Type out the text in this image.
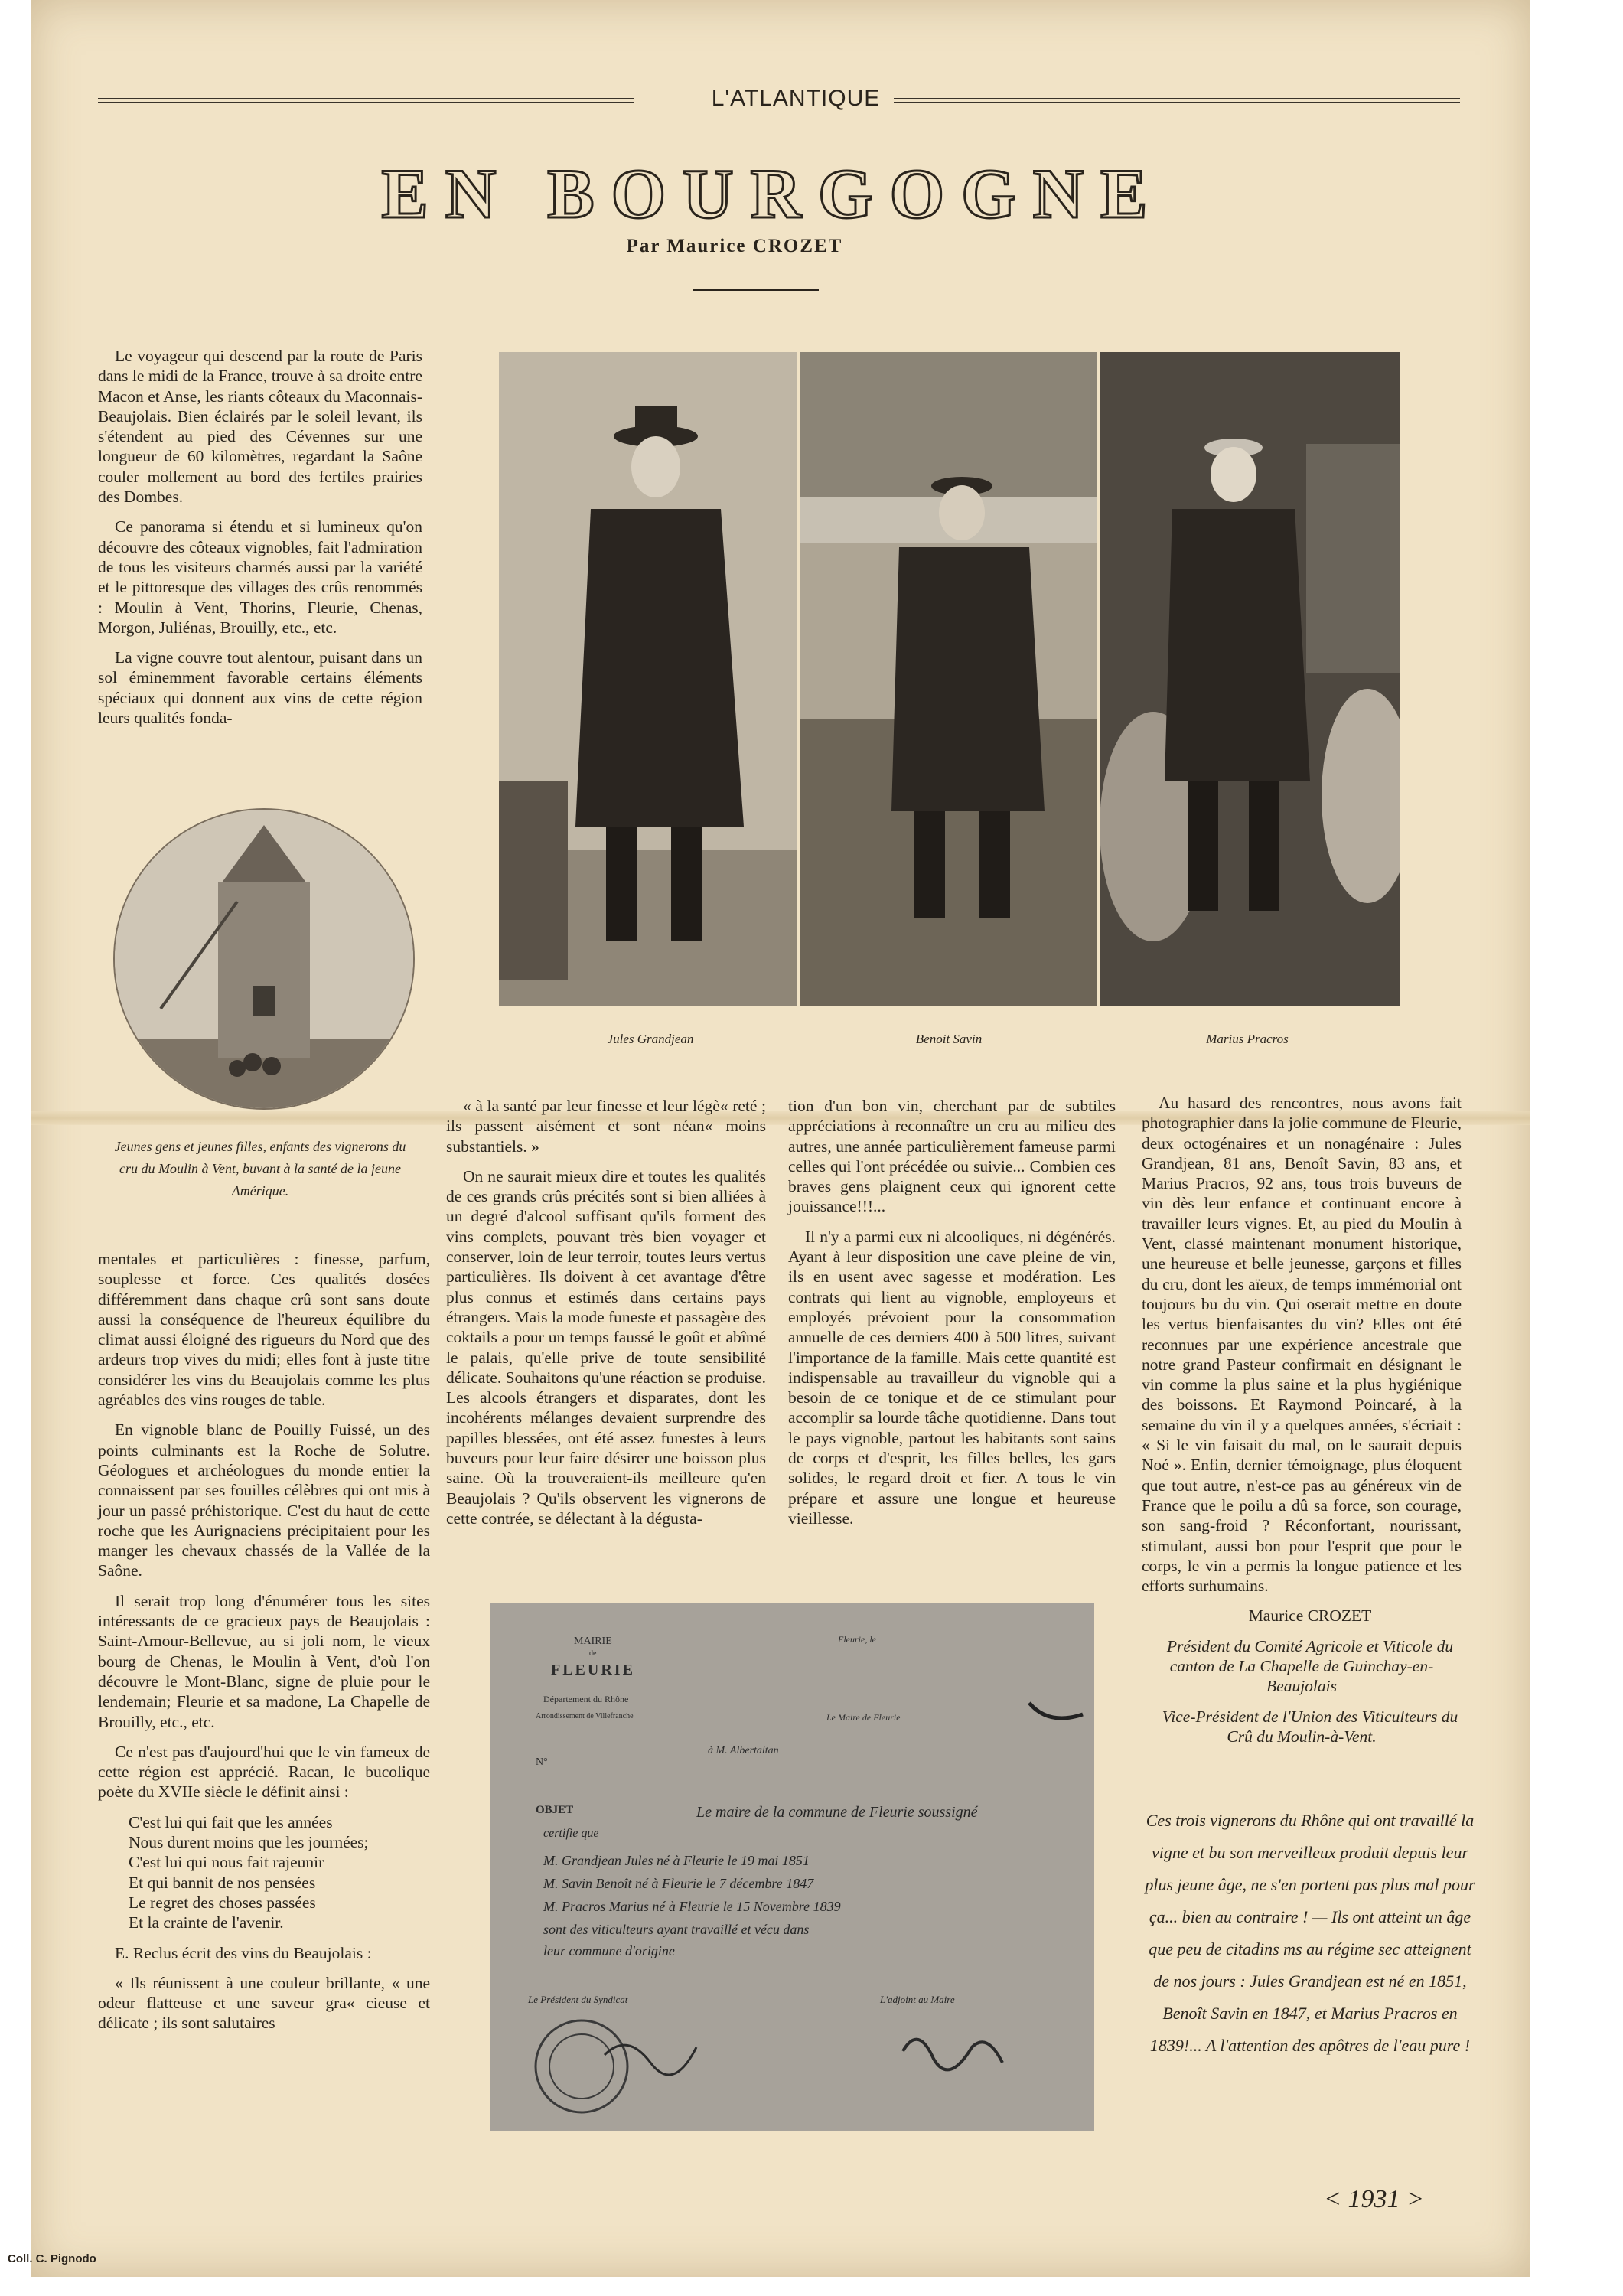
L'ATLANTIQUE
EN BOURGOGNE
Par Maurice CROZET

Le voyageur qui descend par la route de Paris dans le midi de la France, trouve à sa droite entre Macon et Anse, les riants côteaux du Maconnais-Beaujolais. Bien éclairés par le soleil levant, ils s'étendent au pied des Cévennes sur une longueur de 60 kilomètres, regardant la Saône couler mollement au bord des fertiles prairies des Dombes.

Ce panorama si étendu et si lumineux qu'on découvre des côteaux vignobles, fait l'admiration de tous les visiteurs charmés aussi par la variété et le pittoresque des villages des crûs renommés : Moulin à Vent, Thorins, Fleurie, Chenas, Morgon, Juliénas, Brouilly, etc., etc.

La vigne couvre tout alentour, puisant dans un sol éminemment favorable certains éléments spéciaux qui donnent aux vins de cette région leurs qualités fonda-

Jeunes gens et jeunes filles, enfants des vignerons du cru du Moulin à Vent, buvant à la santé de la jeune Amérique.
Jules Grandjean	Benoit Savin	Marius Pracros

mentales et particulières : finesse, parfum, souplesse et force. Ces qualités dosées différemment dans chaque crû sont sans doute aussi la conséquence de l'heureux équilibre du climat aussi éloigné des rigueurs du Nord que des ardeurs trop vives du midi; elles font à juste titre considérer les vins du Beaujolais comme les plus agréables des vins rouges de table.

En vignoble blanc de Pouilly Fuissé, un des points culminants est la Roche de Solutre. Géologues et archéologues du monde entier la connaissent par ses fouilles célèbres qui ont mis à jour un passé préhistorique. C'est du haut de cette roche que les Aurignaciens précipitaient pour les manger les chevaux chassés de la Vallée de la Saône.

Il serait trop long d'énumérer tous les sites intéressants de ce gracieux pays de Beaujolais : Saint-Amour-Bellevue, au si joli nom, le vieux bourg de Chenas, le Moulin à Vent, d'où l'on découvre le Mont-Blanc, signe de pluie pour le lendemain; Fleurie et sa madone, La Chapelle de Brouilly, etc., etc.

Ce n'est pas d'aujourd'hui que le vin fameux de cette région est apprécié. Racan, le bucolique poète du XVIIe siècle le définit ainsi :

C'est lui qui fait que les années

Nous durent moins que les journées;

C'est lui qui nous fait rajeunir

Et qui bannit de nos pensées

Le regret des choses passées

Et la crainte de l'avenir.

E. Reclus écrit des vins du Beaujolais :

« Ils réunissent à une couleur brillante, « une odeur flatteuse et une saveur gra« cieuse et délicate ; ils sont salutaires

« à la santé par leur finesse et leur légè« reté ; ils passent aisément et sont néan« moins substantiels. »

On ne saurait mieux dire et toutes les qualités de ces grands crûs précités sont si bien alliées à un degré d'alcool suffisant qu'ils forment des vins complets, pouvant très bien voyager et conserver, loin de leur terroir, toutes leurs vertus particulières. Ils doivent à cet avantage d'être plus connus et estimés dans certains pays étrangers. Mais la mode funeste et passagère des coktails a pour un temps faussé le goût et abîmé le palais, qu'elle prive de toute sensibilité délicate. Souhaitons qu'une réaction se produise. Les alcools étrangers et disparates, dont les incohérents mélanges devaient surprendre des papilles blessées, ont été assez funestes à leurs buveurs pour leur faire désirer une boisson plus saine. Où la trouveraient-ils meilleure qu'en Beaujolais ? Qu'ils observent les vignerons de cette contrée, se délectant à la dégusta-

tion d'un bon vin, cherchant par de subtiles appréciations à reconnaître un cru au milieu des autres, une année particulièrement fameuse parmi celles qui l'ont précédée ou suivie... Combien ces braves gens plaignent ceux qui ignorent cette jouissance!!!...

Il n'y a parmi eux ni alcooliques, ni dégénérés. Ayant à leur disposition une cave pleine de vin, ils en usent avec sagesse et modération. Les contrats qui lient au vignoble, employeurs et employés prévoient pour la consommation annuelle de ces derniers 400 à 500 litres, suivant l'importance de la famille. Mais cette quantité est indispensable au travailleur du vignoble qui a besoin de ce tonique et de ce stimulant pour accomplir sa lourde tâche quotidienne. Dans tout le pays vignoble, partout les habitants sont sains de corps et d'esprit, les filles belles, les gars solides, le regard droit et fier. A tous le vin prépare et assure une longue et heureuse vieillesse.

Au hasard des rencontres, nous avons fait photographier dans la jolie commune de Fleurie, deux octogénaires et un nonagénaire : Jules Grandjean, 81 ans, Benoît Savin, 83 ans, et Marius Pracros, 92 ans, tous trois buveurs de vin dès leur enfance et continuant encore à travailler leurs vignes. Et, au pied du Moulin à Vent, classé maintenant monument historique, une heureuse et belle jeunesse, garçons et filles du cru, dont les aïeux, de temps immémorial ont toujours bu du vin. Qui oserait mettre en doute les vertus bienfaisantes du vin? Elles ont été reconnues par une expérience ancestrale que notre grand Pasteur confirmait en désignant le vin comme la plus saine et la plus hygiénique des boissons. Et Raymond Poincaré, à la semaine du vin il y a quelques années, s'écriait : « Si le vin faisait du mal, on le saurait depuis Noé ». Enfin, dernier témoignage, plus éloquent que tout autre, n'est-ce pas au généreux vin de France que le poilu a dû sa force, son courage, son sang-froid ? Réconfortant, nourissant, stimulant, aussi bon pour l'esprit que pour le corps, le vin a permis la longue patience et les efforts surhumains.

Maurice CROZET

Président du Comité Agricole et Viticole du canton de La Chapelle de Guinchay-en-Beaujolais

Vice-Président de l'Union des Viticulteurs du Crû du Moulin-à-Vent.

Ces trois vignerons du Rhône qui ont travaillé la vigne et bu son merveilleux produit depuis leur plus jeune âge, ne s'en portent pas plus mal pour ça... bien au contraire ! — Ils ont atteint un âge que peu de citadins ms au régime sec atteignent de nos jours : Jules Grandjean est né en 1851, Benoît Savin en 1847, et Marius Pracros en 1839!... A l'attention des apôtres de l'eau pure !
MAIRIE
de
FLEURIE
Département du Rhône
Arrondissement de Villefranche
N°
OBJET
Fleurie, le
Le Maire de Fleurie
à M. Albertaltan
Le maire de la commune de Fleurie soussigné
certifie que
M. Grandjean Jules né à Fleurie le 19 mai 1851
M. Savin Benoît né à Fleurie le 7 décembre 1847
M. Pracros Marius né à Fleurie le 15 Novembre 1839
sont des viticulteurs ayant travaillé et vécu dans
leur commune d'origine
Le Président du Syndicat	L'adjoint au Maire
< 1931 >
Coll. C. Pignodo
